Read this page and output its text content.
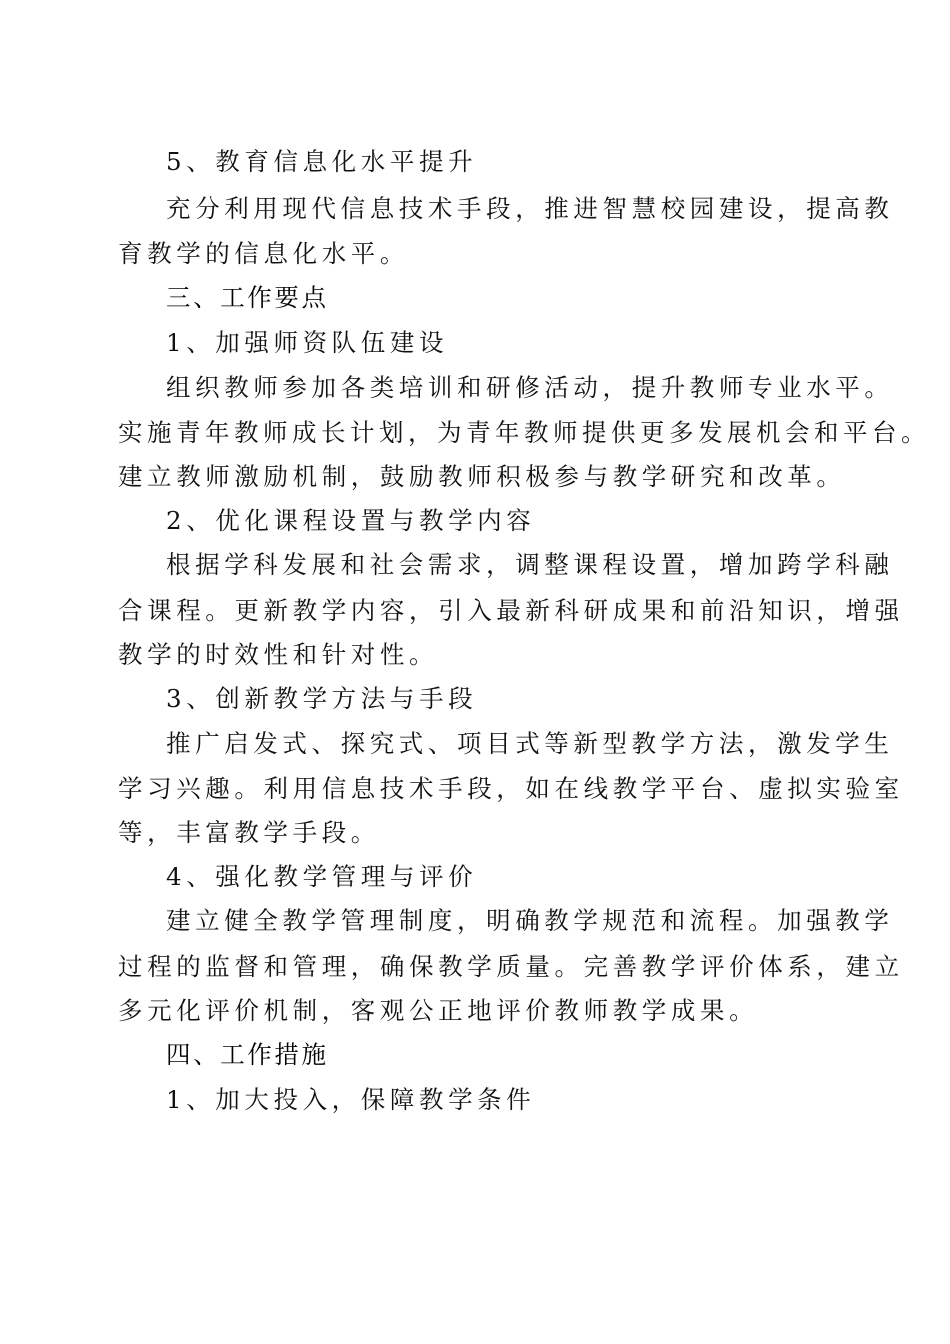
5、教育信息化水平提升
充分利用现代信息技术手段，推进智慧校园建设，提高教
育教学的信息化水平。
三、工作要点
1、加强师资队伍建设
组织教师参加各类培训和研修活动，提升教师专业水平。
实施青年教师成长计划，为青年教师提供更多发展机会和平台。
建立教师激励机制，鼓励教师积极参与教学研究和改革。
2、优化课程设置与教学内容
根据学科发展和社会需求，调整课程设置，增加跨学科融
合课程。更新教学内容，引入最新科研成果和前沿知识，增强
教学的时效性和针对性。
3、创新教学方法与手段
推广启发式、探究式、项目式等新型教学方法，激发学生
学习兴趣。利用信息技术手段，如在线教学平台、虚拟实验室
等，丰富教学手段。
4、强化教学管理与评价
建立健全教学管理制度，明确教学规范和流程。加强教学
过程的监督和管理，确保教学质量。完善教学评价体系，建立
多元化评价机制，客观公正地评价教师教学成果。
四、工作措施
1、加大投入，保障教学条件
